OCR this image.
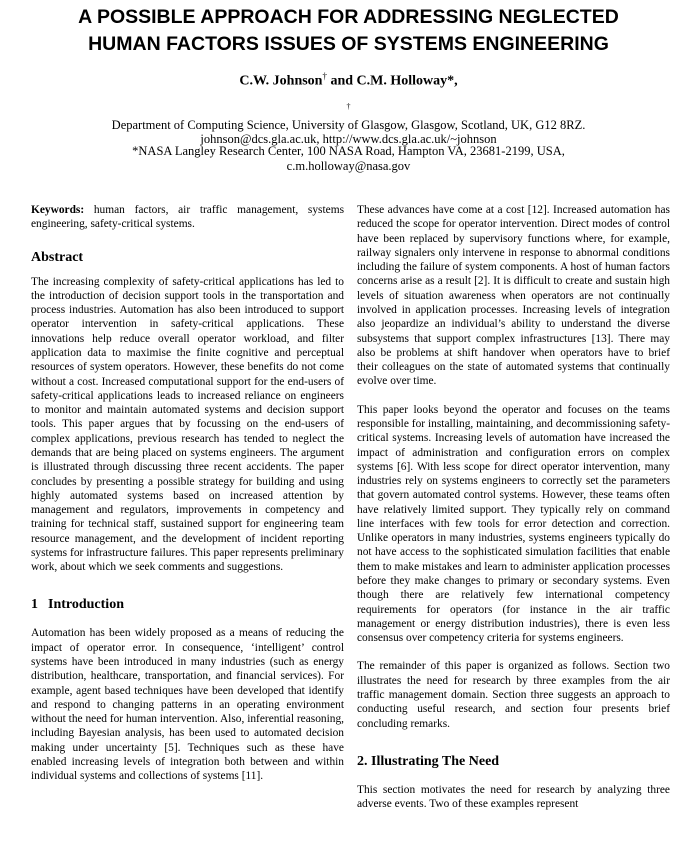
A POSSIBLE APPROACH FOR ADDRESSING NEGLECTED
HUMAN FACTORS ISSUES OF SYSTEMS ENGINEERING
C.W. Johnson† and C.M. Holloway*,
†
Department of Computing Science, University of Glasgow, Glasgow, Scotland, UK, G12 8RZ.
johnson@dcs.gla.ac.uk, http://www.dcs.gla.ac.uk/~johnson
*NASA Langley Research Center, 100 NASA Road, Hampton VA, 23681-2199, USA,
c.m.holloway@nasa.gov

Keywords: human factors, air traffic management, systems engineering, safety-critical systems.

Abstract

The increasing complexity of safety-critical applications has led to the introduction of decision support tools in the transportation and process industries. Automation has also been introduced to support operator intervention in safety-critical applications. These innovations help reduce overall operator workload, and filter application data to maximise the finite cognitive and perceptual resources of system operators. However, these benefits do not come without a cost. Increased computational support for the end-users of safety-critical applications leads to increased reliance on engineers to monitor and maintain automated systems and decision support tools. This paper argues that by focussing on the end-users of complex applications, previous research has tended to neglect the demands that are being placed on systems engineers. The argument is illustrated through discussing three recent accidents. The paper concludes by presenting a possible strategy for building and using highly automated systems based on increased attention by management and regulators, improvements in competency and training for technical staff, sustained support for engineering team resource management, and the development of incident reporting systems for infrastructure failures. This paper represents preliminary work, about which we seek comments and suggestions.

1 Introduction

Automation has been widely proposed as a means of reducing the impact of operator error. In consequence, ‘intelligent’ control systems have been introduced in many industries (such as energy distribution, healthcare, transportation, and financial services). For example, agent based techniques have been developed that identify and respond to changing patterns in an operating environment without the need for human intervention. Also, inferential reasoning, including Bayesian analysis, has been used to automated decision making under uncertainty [5]. Techniques such as these have enabled increasing levels of integration both between and within individual systems and collections of systems [11].

These advances have come at a cost [12]. Increased automation has reduced the scope for operator intervention. Direct modes of control have been replaced by supervisory functions where, for example, railway signalers only intervene in response to abnormal conditions including the failure of system components. A host of human factors concerns arise as a result [2]. It is difficult to create and sustain high levels of situation awareness when operators are not continually involved in application processes. Increasing levels of integration also jeopardize an individual’s ability to understand the diverse subsystems that support complex infrastructures [13]. There may also be problems at shift handover when operators have to brief their colleagues on the state of automated systems that continually evolve over time.

This paper looks beyond the operator and focuses on the teams responsible for installing, maintaining, and decommissioning safety-critical systems. Increasing levels of automation have increased the impact of administration and configuration errors on complex systems [6]. With less scope for direct operator intervention, many industries rely on systems engineers to correctly set the parameters that govern automated control systems. However, these teams often have relatively limited support. They typically rely on command line interfaces with few tools for error detection and correction. Unlike operators in many industries, systems engineers typically do not have access to the sophisticated simulation facilities that enable them to make mistakes and learn to administer application processes before they make changes to primary or secondary systems. Even though there are relatively few international competency requirements for operators (for instance in the air traffic management or energy distribution industries), there is even less consensus over competency criteria for systems engineers.

The remainder of this paper is organized as follows. Section two illustrates the need for research by three examples from the air traffic management domain. Section three suggests an approach to conducting useful research, and section four presents brief concluding remarks.

2. Illustrating The Need

This section motivates the need for research by analyzing three adverse events. Two of these examples represent
